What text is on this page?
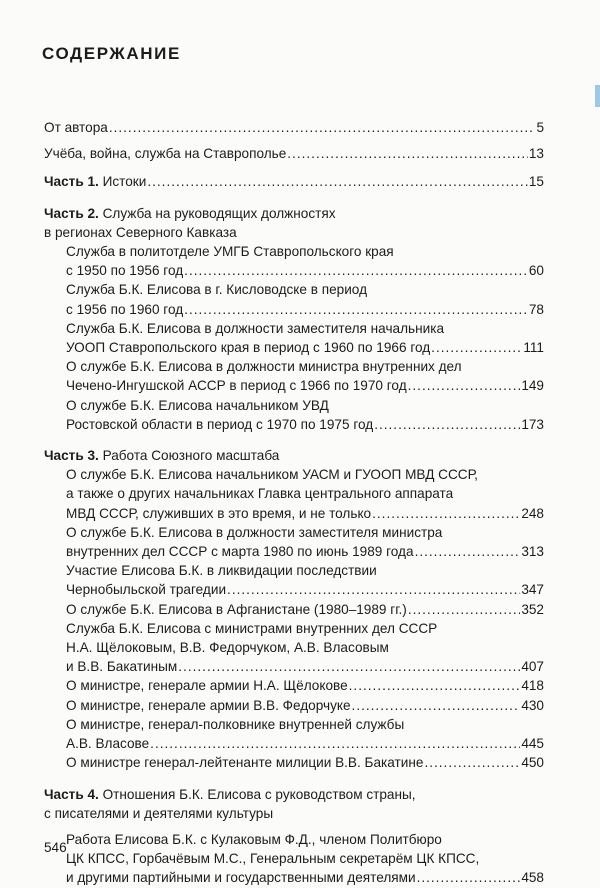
СОДЕРЖАНИЕ
От автора .....	5
Учёба, война, служба на Ставрополье .....	13
Часть 1. Истоки .....	15
Часть 2. Служба на руководящих должностях
в регионах Северного Кавказа
Служба в политотделе УМГБ Ставропольского края
с 1950 по 1956 год .....	60
Служба Б.К. Елисова в г. Кисловодске в период
с 1956 по 1960 год .....	78
Служба Б.К. Елисова в должности заместителя начальника
УООП Ставропольского края в период с 1960 по 1966 год .....	111
О службе Б.К. Елисова в должности министра внутренних дел
Чечено-Ингушской АССР в период с 1966 по 1970 год .....	149
О службе Б.К. Елисова начальником УВД
Ростовской области в период с 1970 по 1975 год .....	173
Часть 3. Работа Союзного масштаба
О службе Б.К. Елисова начальником УАСМ и ГУООП МВД СССР,
а также о других начальниках Главка центрального аппарата
МВД СССР, служивших в это время, и не только .....	248
О службе Б.К. Елисова в должности заместителя министра
внутренних дел СССР с марта 1980 по июнь 1989 года .....	313
Участие Елисова Б.К. в ликвидации последствии
Чернобыльской трагедии .....	347
О службе Б.К. Елисова в Афганистане (1980–1989 гг.) .....	352
Служба Б.К. Елисова с министрами внутренних дел СССР
Н.А. Щёлоковым, В.В. Федорчуком, А.В. Власовым
и В.В. Бакатиным .....	407
О министре, генерале армии Н.А. Щёлокове .....	418
О министре, генерале армии В.В. Федорчуке .....	430
О министре, генерал-полковнике внутренней службы
А.В. Власове .....	445
О министре генерал-лейтенанте милиции В.В. Бакатине .....	450
Часть 4. Отношения Б.К. Елисова с руководством страны,
с писателями и деятелями культуры
Работа Елисова Б.К. с Кулаковым Ф.Д., членом Политбюро
ЦК КПСС, Горбачёвым М.С., Генеральным секретарём ЦК КПСС,
и другими партийными и государственными деятелями .....	458
546
